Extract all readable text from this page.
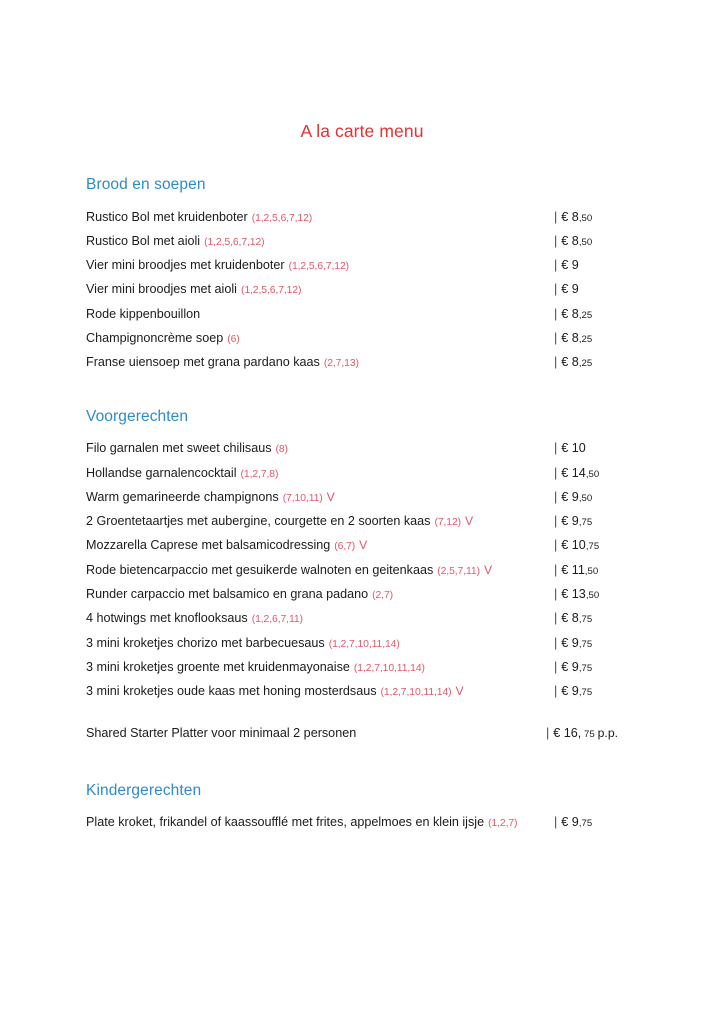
A la carte menu
Brood en soepen
Rustico Bol met kruidenboter (1,2,5,6,7,12)	| € 8,50
Rustico Bol met aioli (1,2,5,6,7,12)	| € 8,50
Vier mini broodjes met kruidenboter (1,2,5,6,7,12)	| € 9
Vier mini broodjes met aioli (1,2,5,6,7,12)	| € 9
Rode kippenbouillon	| € 8,25
Champignoncrème soep (6)	| € 8,25
Franse uiensoep met grana pardano kaas (2,7,13)	| € 8,25
Voorgerechten
Filo garnalen met sweet chilisaus (8)	| € 10
Hollandse garnalencocktail (1,2,7,8)	| € 14,50
Warm gemarineerde champignons (7,10,11) V	| € 9,50
2 Groentetaartjes met aubergine, courgette en 2 soorten kaas (7,12) V	| € 9,75
Mozzarella Caprese met balsamicodressing (6,7) V	| € 10,75
Rode bietencarpaccio met gesuikerde walnoten en geitenkaas (2,5,7,11) V	| € 11,50
Runder carpaccio met balsamico en grana padano (2,7)	| € 13,50
4 hotwings met knoflooksaus (1,2,6,7,11)	| € 8,75
3 mini kroketjes chorizo met barbecuesaus (1,2,7,10,11,14)	| € 9,75
3 mini kroketjes groente met kruidenmayonaise (1,2,7,10,11,14)	| € 9,75
3 mini kroketjes oude kaas met honing mosterdsaus (1,2,7,10,11,14) V	| € 9,75
Shared Starter Platter voor minimaal 2 personen	| € 16, 75 p.p.
Kindergerechten
Plate kroket, frikandel of kaassoufflé met frites, appelmoes en klein ijsje (1,2,7)	| € 9,75
